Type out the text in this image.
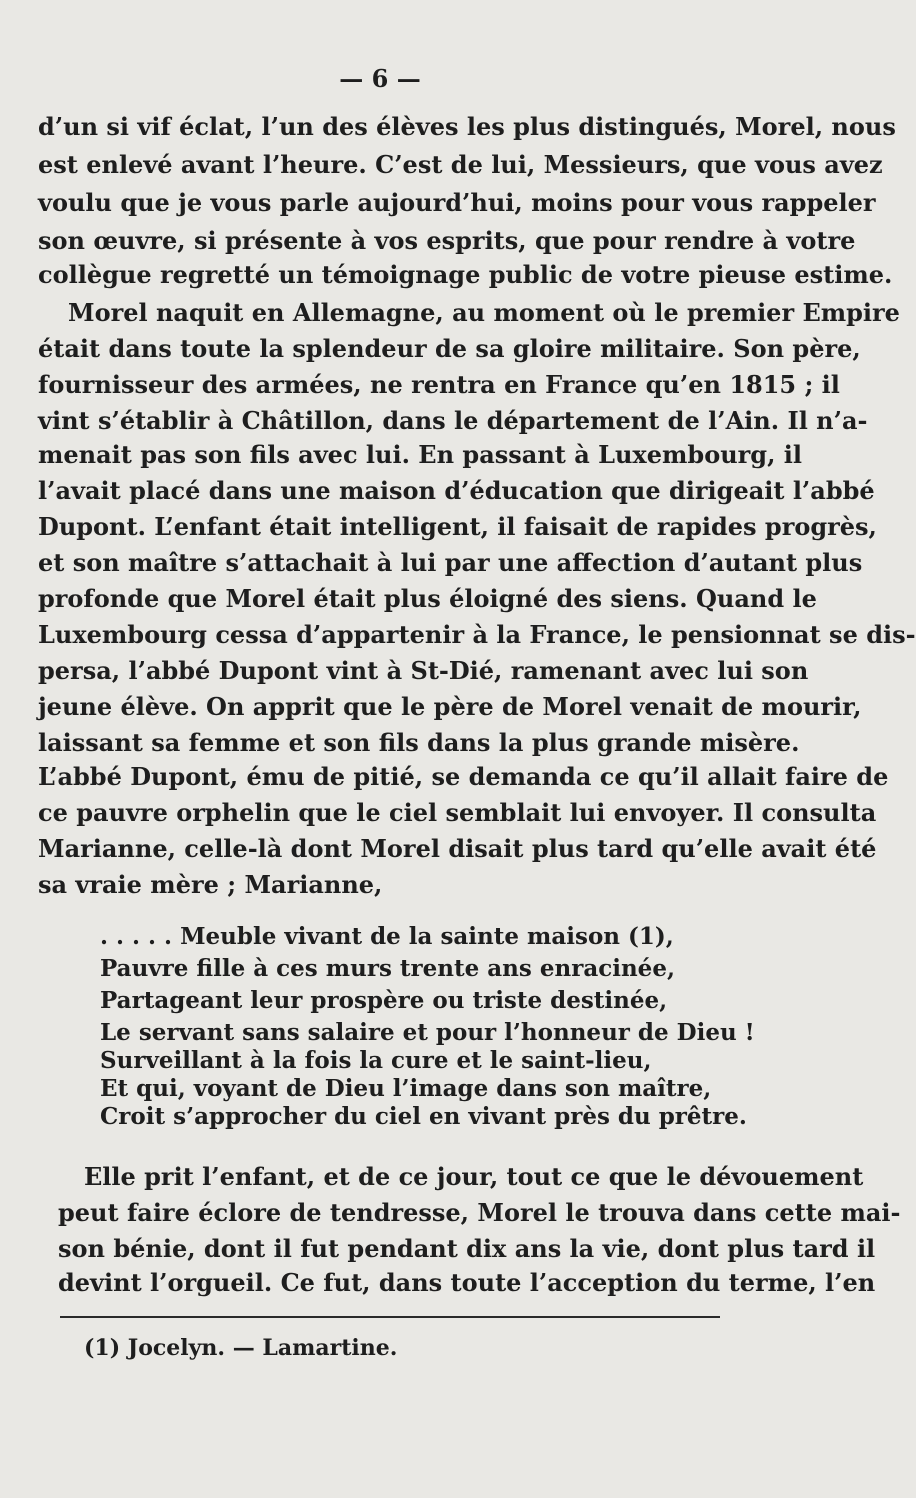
— 6 —
d’un si vif éclat, l’un des élèves les plus distingués, Morel, nous
est enlevé avant l’heure. C’est de lui, Messieurs, que vous avez
voulu que je vous parle aujourd’hui, moins pour vous rappeler
son œuvre, si présente à vos esprits, que pour rendre à votre
collègue regretté un témoignage public de votre pieuse estime.
Morel naquit en Allemagne, au moment où le premier Empire
était dans toute la splendeur de sa gloire militaire. Son père,
fournisseur des armées, ne rentra en France qu’en 1815 ; il
vint s’établir à Châtillon, dans le département de l’Ain. Il n’a-
menait pas son fils avec lui. En passant à Luxembourg, il
l’avait placé dans une maison d’éducation que dirigeait l’abbé
Dupont. L’enfant était intelligent, il faisait de rapides progrès,
et son maître s’attachait à lui par une affection d’autant plus
profonde que Morel était plus éloigné des siens. Quand le
Luxembourg cessa d’appartenir à la France, le pensionnat se dis-
persa, l’abbé Dupont vint à St-Dié, ramenant avec lui son
jeune élève. On apprit que le père de Morel venait de mourir,
laissant sa femme et son fils dans la plus grande misère.
L’abbé Dupont, ému de pitié, se demanda ce qu’il allait faire de
ce pauvre orphelin que le ciel semblait lui envoyer. Il consulta
Marianne, celle-là dont Morel disait plus tard qu’elle avait été
sa vraie mère ; Marianne,
. . . . . Meuble vivant de la sainte maison (1),
Pauvre fille à ces murs trente ans enracinée,
Partageant leur prospère ou triste destinée,
Le servant sans salaire et pour l’honneur de Dieu !
Surveillant à la fois la cure et le saint-lieu,
Et qui, voyant de Dieu l’image dans son maître,
Croit s’approcher du ciel en vivant près du prêtre.
Elle prit l’enfant, et de ce jour, tout ce que le dévouement
peut faire éclore de tendresse, Morel le trouva dans cette mai-
son bénie, dont il fut pendant dix ans la vie, dont plus tard il
devint l’orgueil. Ce fut, dans toute l’acception du terme, l’en
(1) Jocelyn. — Lamartine.
